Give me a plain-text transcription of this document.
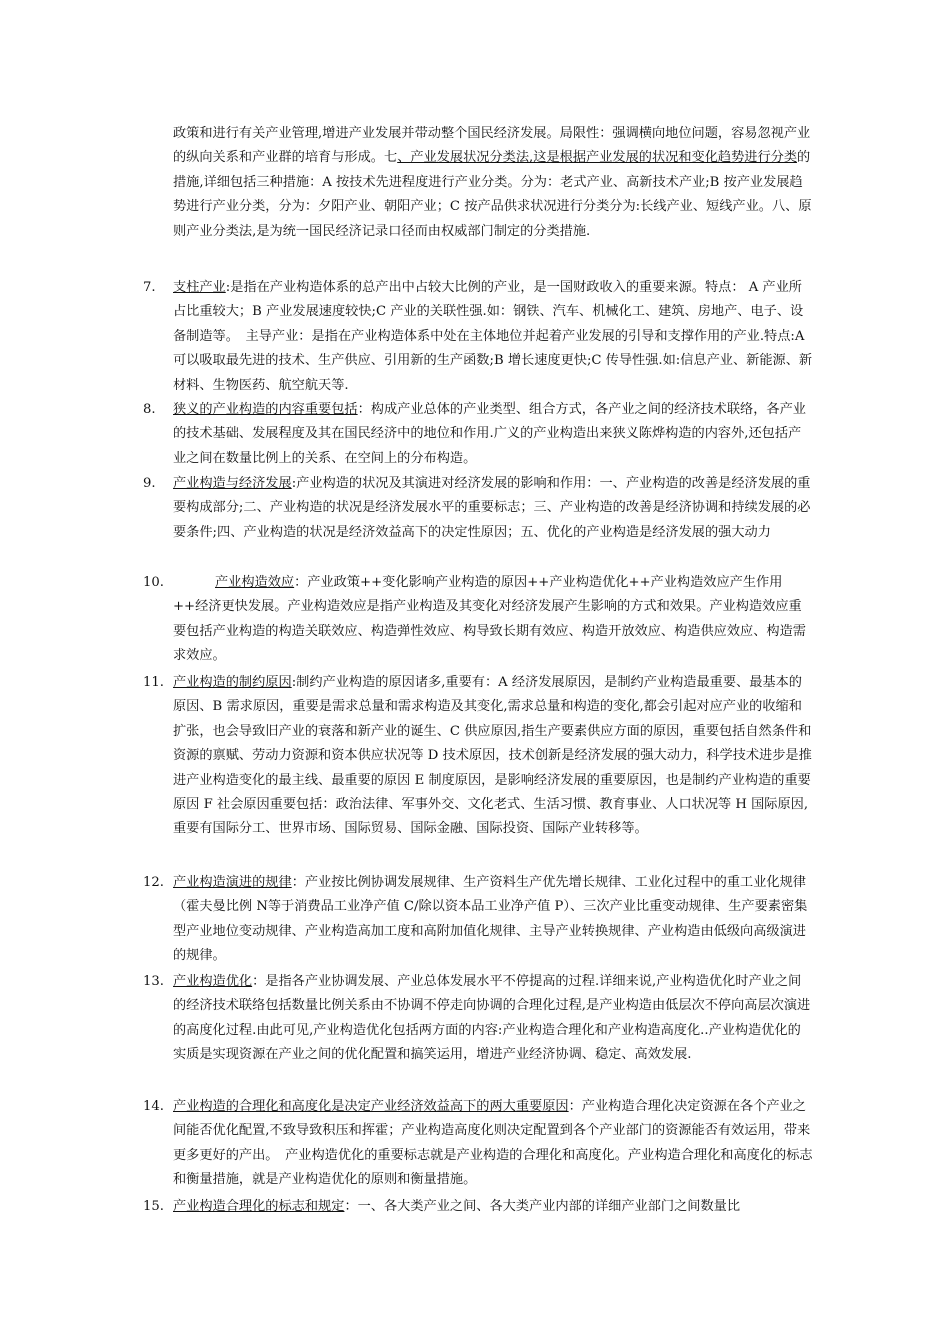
政策和进行有关产业管理,增进产业发展并带动整个国民经济发展。局限性：强调横向地位问题，容易忽视产业的纵向关系和产业群的培育与形成。七、产业发展状况分类法,这是根据产业发展的状况和变化趋势进行分类的措施,详细包括三种措施：A 按技术先进程度进行产业分类。分为：老式产业、高新技术产业;B 按产业发展趋势进行产业分类，分为：夕阳产业、朝阳产业；C 按产品供求状况进行分类分为:长线产业、短线产业。八、原则产业分类法,是为统一国民经济记录口径而由权威部门制定的分类措施.
7.	支柱产业:是指在产业构造体系的总产出中占较大比例的产业，是一国财政收入的重要来源。特点： A 产业所占比重较大；B 产业发展速度较快;C 产业的关联性强.如：钢铁、汽车、机械化工、建筑、房地产、电子、设备制造等。　主导产业：是指在产业构造体系中处在主体地位并起着产业发展的引导和支撑作用的产业.特点:A 可以吸取最先进的技术、生产供应、引用新的生产函数;B 增长速度更快;C 传导性强.如:信息产业、新能源、新材料、生物医药、航空航天等.
8.	狭义的产业构造的内容重要包括：构成产业总体的产业类型、组合方式，各产业之间的经济技术联络，各产业的技术基础、发展程度及其在国民经济中的地位和作用.广义的产业构造出来狭义陈烨构造的内容外,还包括产业之间在数量比例上的关系、在空间上的分布构造。
9.	产业构造与经济发展:产业构造的状况及其演进对经济发展的影响和作用：一、产业构造的改善是经济发展的重要构成部分;二、产业构造的状况是经济发展水平的重要标志；三、产业构造的改善是经济协调和持续发展的必要条件;四、产业构造的状况是经济效益高下的决定性原因；五、优化的产业构造是经济发展的强大动力
10.	产业构造效应：产业政策++变化影响产业构造的原因++产业构造优化++产业构造效应产生作用++经济更快发展。产业构造效应是指产业构造及其变化对经济发展产生影响的方式和效果。产业构造效应重要包括产业构造的构造关联效应、构造弹性效应、构导致长期有效应、构造开放效应、构造供应效应、构造需求效应。
11. 产业构造的制约原因:制约产业构造的原因诸多,重要有：A 经济发展原因，是制约产业构造最重要、最基本的原因、B 需求原因，重要是需求总量和需求构造及其变化,需求总量和构造的变化,都会引起对应产业的收缩和扩张，也会导致旧产业的衰落和新产业的诞生、C 供应原因,指生产要素供应方面的原因，重要包括自然条件和资源的禀赋、劳动力资源和资本供应状况等 D 技术原因，技术创新是经济发展的强大动力，科学技术进步是推进产业构造变化的最主线、最重要的原因 E 制度原因，是影响经济发展的重要原因，也是制约产业构造的重要原因 F 社会原因重要包括：政治法律、军事外交、文化老式、生活习惯、教育事业、人口状况等 H 国际原因,重要有国际分工、世界市场、国际贸易、国际金融、国际投资、国际产业转移等。
12. 产业构造演进的规律：产业按比例协调发展规律、生产资料生产优先增长规律、工业化过程中的重工业化规律（霍夫曼比例 N等于消费品工业净产值 C/除以资本品工业净产值 P）、三次产业比重变动规律、生产要素密集型产业地位变动规律、产业构造高加工度和高附加值化规律、主导产业转换规律、产业构造由低级向高级演进的规律。
13. 产业构造优化：是指各产业协调发展、产业总体发展水平不停提高的过程.详细来说,产业构造优化时产业之间的经济技术联络包括数量比例关系由不协调不停走向协调的合理化过程,是产业构造由低层次不停向高层次演进的高度化过程.由此可见,产业构造优化包括两方面的内容:产业构造合理化和产业构造高度化..产业构造优化的实质是实现资源在产业之间的优化配置和搞笑运用，增进产业经济协调、稳定、高效发展.
14. 产业构造的合理化和高度化是决定产业经济效益高下的两大重要原因：产业构造合理化决定资源在各个产业之间能否优化配置,不致导致积压和挥霍；产业构造高度化则决定配置到各个产业部门的资源能否有效运用，带来更多更好的产出。　产业构造优化的重要标志就是产业构造的合理化和高度化。产业构造合理化和高度化的标志和衡量措施，就是产业构造优化的原则和衡量措施。
15. 产业构造合理化的标志和规定：一、各大类产业之间、各大类产业内部的详细产业部门之间数量比
